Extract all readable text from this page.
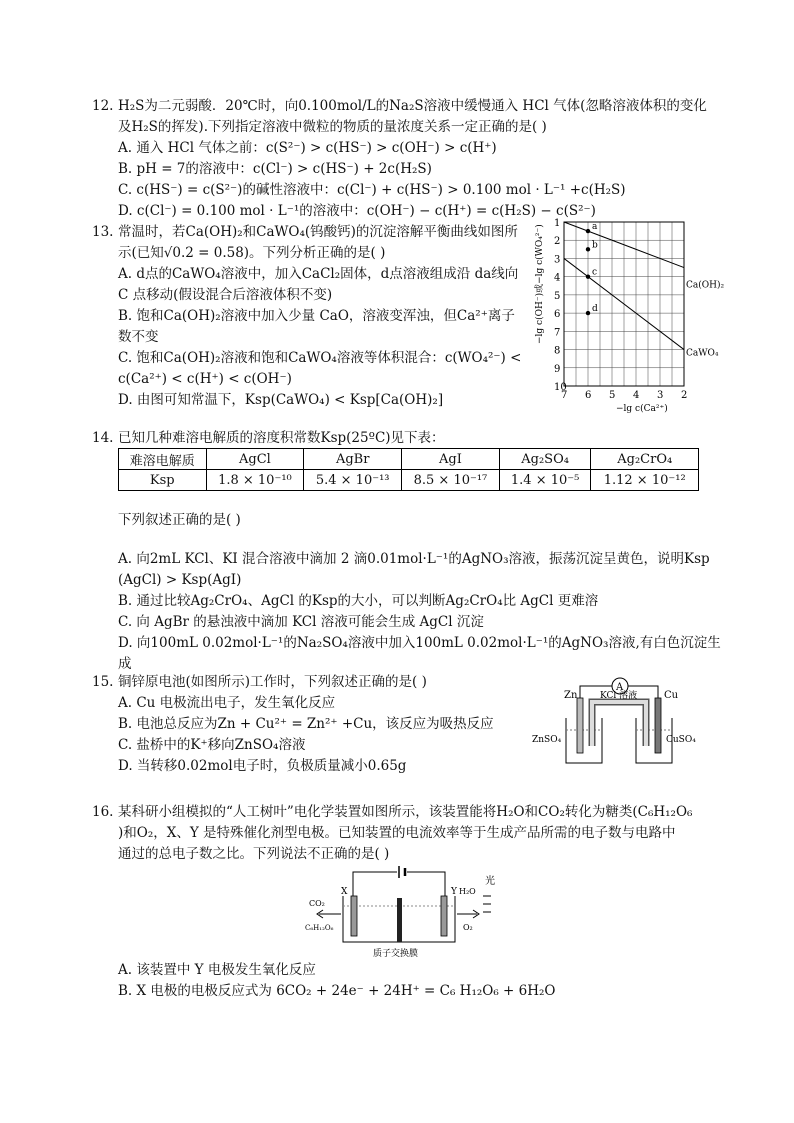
12. H₂S为二元弱酸．20℃时，向0.100mol/L的Na₂S溶液中缓慢通入 HCl 气体(忽略溶液体积的变化
及H₂S的挥发).下列指定溶液中微粒的物质的量浓度关系一定正确的是( )
A. 通入 HCl 气体之前：c(S²⁻) > c(HS⁻) > c(OH⁻) > c(H⁺)
B. pH = 7的溶液中：c(Cl⁻) > c(HS⁻) + 2c(H₂S)
C. c(HS⁻) = c(S²⁻)的碱性溶液中：c(Cl⁻) + c(HS⁻) > 0.100 mol · L⁻¹ +c(H₂S)
D. c(Cl⁻) = 0.100 mol · L⁻¹的溶液中：c(OH⁻) − c(H⁺) = c(H₂S) − c(S²⁻)
13. 常温时，若Ca(OH)₂和CaWO₄(钨酸钙)的沉淀溶解平衡曲线如图所
示(已知√0.2 = 0.58)。下列分析正确的是( )
A. d点的CaWO₄溶液中，加入CaCl₂固体，d点溶液组成沿 da线向
C 点移动(假设混合后溶液体积不变)
B. 饱和Ca(OH)₂溶液中加入少量 CaO，溶液变浑浊，但Ca²⁺离子
数不变
C. 饱和Ca(OH)₂溶液和饱和CaWO₄溶液等体积混合：c(WO₄²⁻) <
c(Ca²⁺) < c(H⁺) < c(OH⁻)
D. 由图可知常温下，Ksp(CaWO₄) < Ksp[Ca(OH)₂]
Ca(OH)₂
CaWO₄
a
b
c
d
7 6 5 4 3 2
1
2
3
4
5
6
7
8
9
10
−lg c(Ca²⁺)
−lg c(OH⁻)或−lg c(WO₄²⁻)
14. 已知几种难溶电解质的溶度积常数Ksp(25ºC)见下表：
难溶电解质	AgCl	AgBr	AgI	Ag₂SO₄	Ag₂CrO₄
Ksp	1.8 × 10⁻¹⁰	5.4 × 10⁻¹³	8.5 × 10⁻¹⁷	1.4 × 10⁻⁵	1.12 × 10⁻¹²
下列叙述正确的是( )
A. 向2mL KCl、KI 混合溶液中滴加 2 滴0.01mol·L⁻¹的AgNO₃溶液，振荡沉淀呈黄色，说明Ksp
(AgCl) > Ksp(AgI)
B. 通过比较Ag₂CrO₄、AgCl 的Ksp的大小，可以判断Ag₂CrO₄比 AgCl 更难溶
C. 向 AgBr 的悬浊液中滴加 KCl 溶液可能会生成 AgCl 沉淀
D. 向100mL 0.02mol·L⁻¹的Na₂SO₄溶液中加入100mL 0.02mol·L⁻¹的AgNO₃溶液,有白色沉淀生
成
15. 铜锌原电池(如图所示)工作时，下列叙述正确的是( )
A. Cu 电极流出电子，发生氧化反应
B. 电池总反应为Zn + Cu²⁺ = Zn²⁺ +Cu，该反应为吸热反应
C. 盐桥中的K⁺移向ZnSO₄溶液
D. 当转移0.02mol电子时，负极质量减小0.65g
A
Zn	Cu
KCl 溶液
ZnSO₄	CuSO₄
16. 某科研小组模拟的“人工树叶”电化学装置如图所示，该装置能将H₂O和CO₂转化为糖类(C₆H₁₂O₆
)和O₂，X、Y 是特殊催化剂型电极。已知装置的电流效率等于生成产品所需的电子数与电路中
通过的总电子数之比。下列说法不正确的是( )
X	Y
CO₂
C₆H₁₂O₆
H₂O
O₂
光
质子交换膜
A. 该装置中 Y 电极发生氧化反应
B. X 电极的电极反应式为 6CO₂ + 24e⁻ + 24H⁺ = C₆ H₁₂O₆ + 6H₂O
